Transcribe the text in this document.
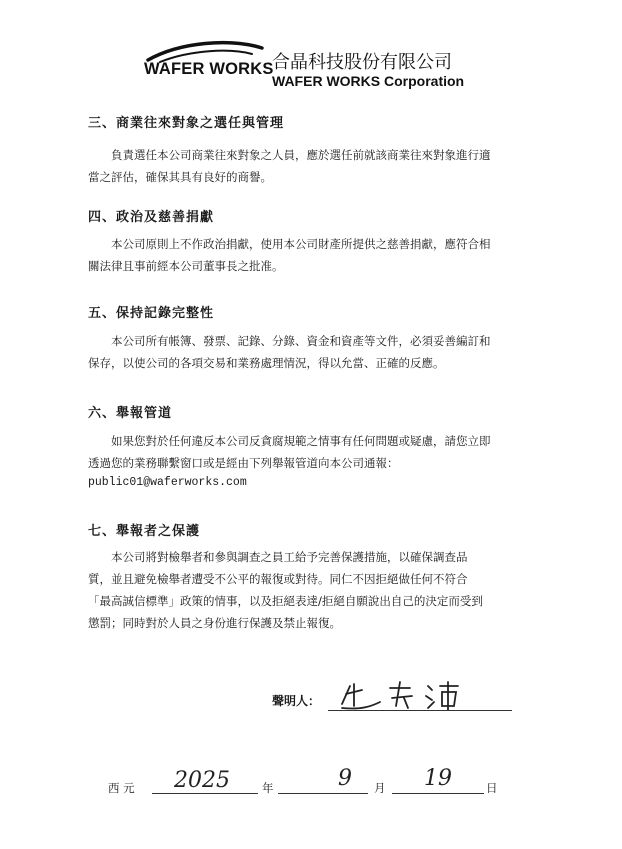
WAFER WORKS
合晶科技股份有限公司
WAFER WORKS Corporation
三、商業往來對象之選任與管理
負責選任本公司商業往來對象之人員，應於選任前就該商業往來對象進行適
當之評估，確保其具有良好的商譽。
四、政治及慈善捐獻
本公司原則上不作政治捐獻，使用本公司財產所提供之慈善捐獻，應符合相
關法律且事前經本公司董事長之批准。
五、保持記錄完整性
本公司所有帳簿、發票、記錄、分錄、資金和資產等文件，必須妥善編訂和
保存，以使公司的各項交易和業務處理情況，得以允當、正確的反應。
六、舉報管道
如果您對於任何違反本公司反貪腐規範之情事有任何問題或疑慮，請您立即
透過您的業務聯繫窗口或是經由下列舉報管道向本公司通報：
public01@waferworks.com
七、舉報者之保護
本公司將對檢舉者和參與調查之員工給予完善保護措施，以確保調查品
質，並且避免檢舉者遭受不公平的報復或對待。同仁不因拒絕做任何不符合
「最高誠信標準」政策的情事，以及拒絕表達/拒絕自願說出自己的決定而受到
懲罰；同時對於人員之身份進行保護及禁止報復。
聲明人：
西 元 2025	年	9 月 19	日
